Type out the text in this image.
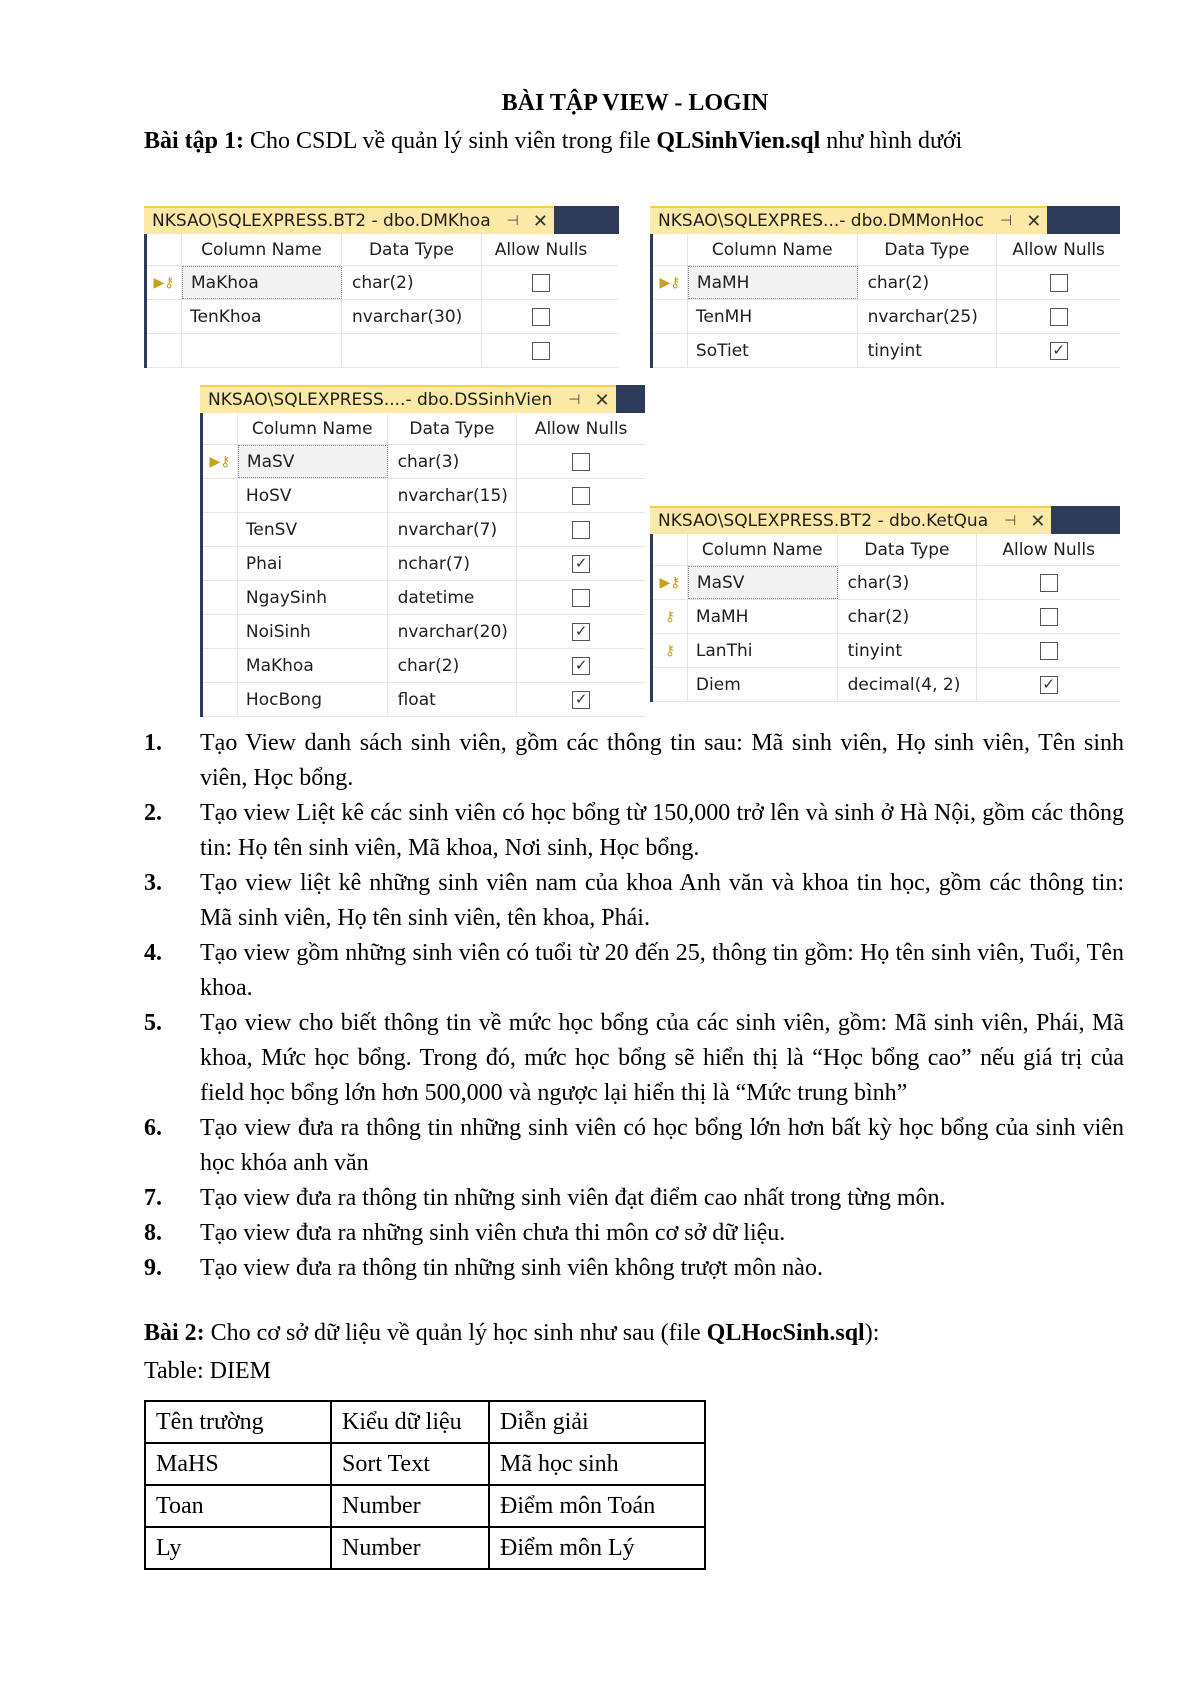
BÀI TẬP VIEW - LOGIN
Bài tập 1: Cho CSDL về quản lý sinh viên trong file QLSinhVien.sql như hình dưới
NKSAO\SQLEXPRESS.BT2 - dbo.DMKhoa ⊣ ✕
Column Name	Data Type	Allow Nulls
▶⚷ MaKhoa	char(2)
TenKhoa	nvarchar(30)
NKSAO\SQLEXPRES...- dbo.DMMonHoc ⊣ ✕
Column Name	Data Type	Allow Nulls
▶⚷ MaMH	char(2)
TenMH	nvarchar(25)
SoTiet	tinyint	✓
NKSAO\SQLEXPRESS....- dbo.DSSinhVien ⊣ ✕
Column Name	Data Type	Allow Nulls
▶⚷ MaSV	char(3)
HoSV	nvarchar(15)
TenSV	nvarchar(7)
Phai	nchar(7)	✓
NgaySinh	datetime
NoiSinh	nvarchar(20)	✓
MaKhoa	char(2)	✓
HocBong	float	✓
NKSAO\SQLEXPRESS.BT2 - dbo.KetQua ⊣ ✕
Column Name	Data Type	Allow Nulls
▶⚷ MaSV	char(3)
⚷	MaMH	char(2)
⚷	LanThi	tinyint
Diem	decimal(4, 2)	✓
1.	Tạo View danh sách sinh viên, gồm các thông tin sau: Mã sinh viên, Họ sinh viên, Tên sinh viên, Học bổng.
2.	Tạo view Liệt kê các sinh viên có học bổng từ 150,000 trở lên và sinh ở Hà Nội, gồm các thông tin: Họ tên sinh viên, Mã khoa, Nơi sinh, Học bổng.
3.	Tạo view liệt kê những sinh viên nam của khoa Anh văn và khoa tin học, gồm các thông tin: Mã sinh viên, Họ tên sinh viên, tên khoa, Phái.
4.	Tạo view gồm những sinh viên có tuổi từ 20 đến 25, thông tin gồm: Họ tên sinh viên, Tuổi, Tên khoa.
5.	Tạo view cho biết thông tin về mức học bổng của các sinh viên, gồm: Mã sinh viên, Phái, Mã khoa, Mức học bổng. Trong đó, mức học bổng sẽ hiển thị là “Học bổng cao” nếu giá trị của field học bổng lớn hơn 500,000 và ngược lại hiển thị là “Mức trung bình”
6.	Tạo view đưa ra thông tin những sinh viên có học bổng lớn hơn bất kỳ học bổng của sinh viên học khóa anh văn
7.	Tạo view đưa ra thông tin những sinh viên đạt điểm cao nhất trong từng môn.
8.	Tạo view đưa ra những sinh viên chưa thi môn cơ sở dữ liệu.
9.	Tạo view đưa ra thông tin những sinh viên không trượt môn nào.
Bài 2: Cho cơ sở dữ liệu về quản lý học sinh như sau (file QLHocSinh.sql):
Table: DIEM
Tên trường	Kiểu dữ liệu	Diễn giải
MaHS	Sort Text	Mã học sinh
Toan	Number	Điểm môn Toán
Ly	Number	Điểm môn Lý
